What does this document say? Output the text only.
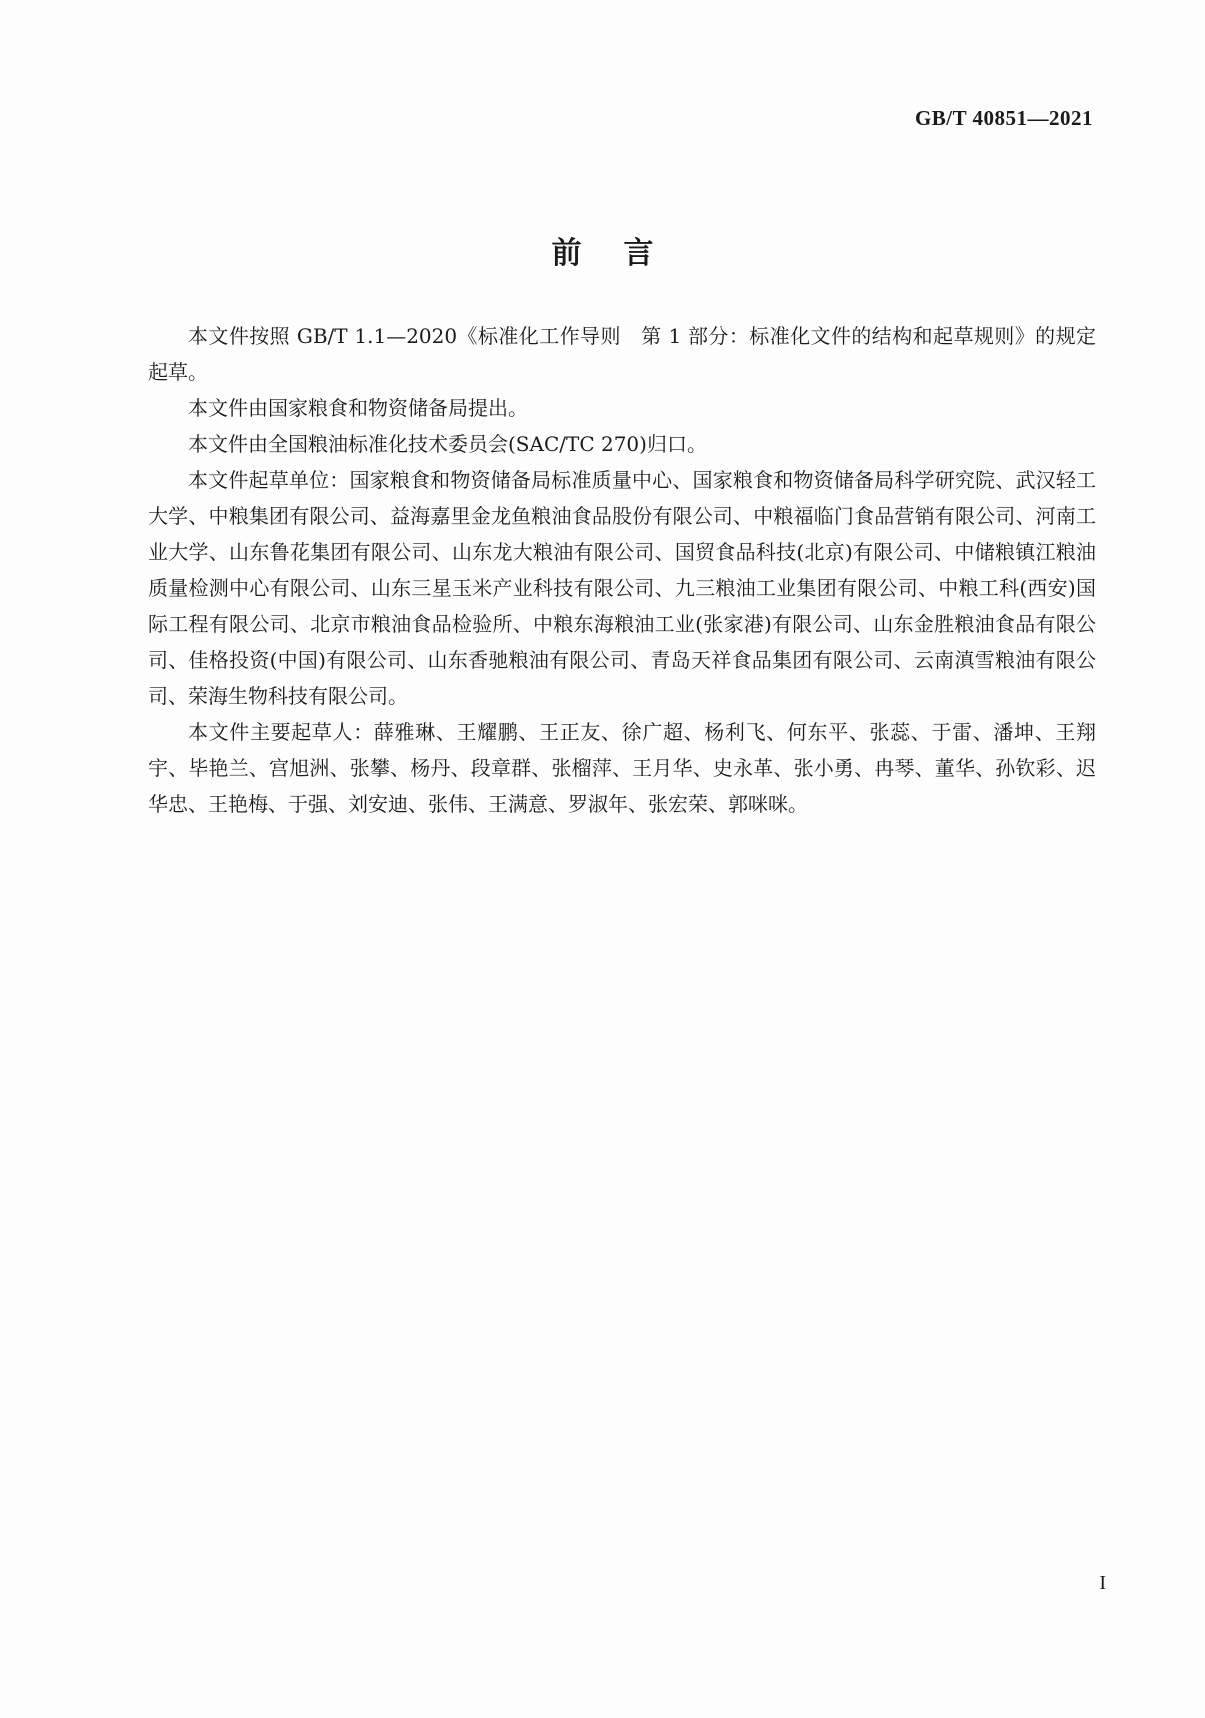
GB/T 40851—2021
前言

本文件按照 GB/T 1.1—2020《标准化工作导则　第 1 部分：标准化文件的结构和起草规则》的规定起草。

本文件由国家粮食和物资储备局提出。

本文件由全国粮油标准化技术委员会(SAC/TC 270)归口。

本文件起草单位：国家粮食和物资储备局标准质量中心、国家粮食和物资储备局科学研究院、武汉轻工大学、中粮集团有限公司、益海嘉里金龙鱼粮油食品股份有限公司、中粮福临门食品营销有限公司、河南工业大学、山东鲁花集团有限公司、山东龙大粮油有限公司、国贸食品科技(北京)有限公司、中储粮镇江粮油质量检测中心有限公司、山东三星玉米产业科技有限公司、九三粮油工业集团有限公司、中粮工科(西安)国际工程有限公司、北京市粮油食品检验所、中粮东海粮油工业(张家港)有限公司、山东金胜粮油食品有限公司、佳格投资(中国)有限公司、山东香驰粮油有限公司、青岛天祥食品集团有限公司、云南滇雪粮油有限公司、荣海生物科技有限公司。

本文件主要起草人：薛雅琳、王耀鹏、王正友、徐广超、杨利飞、何东平、张蕊、于雷、潘坤、王翔宇、毕艳兰、宫旭洲、张攀、杨丹、段章群、张榴萍、王月华、史永革、张小勇、冉琴、董华、孙钦彩、迟华忠、王艳梅、于强、刘安迪、张伟、王满意、罗淑年、张宏荣、郭咪咪。

I
